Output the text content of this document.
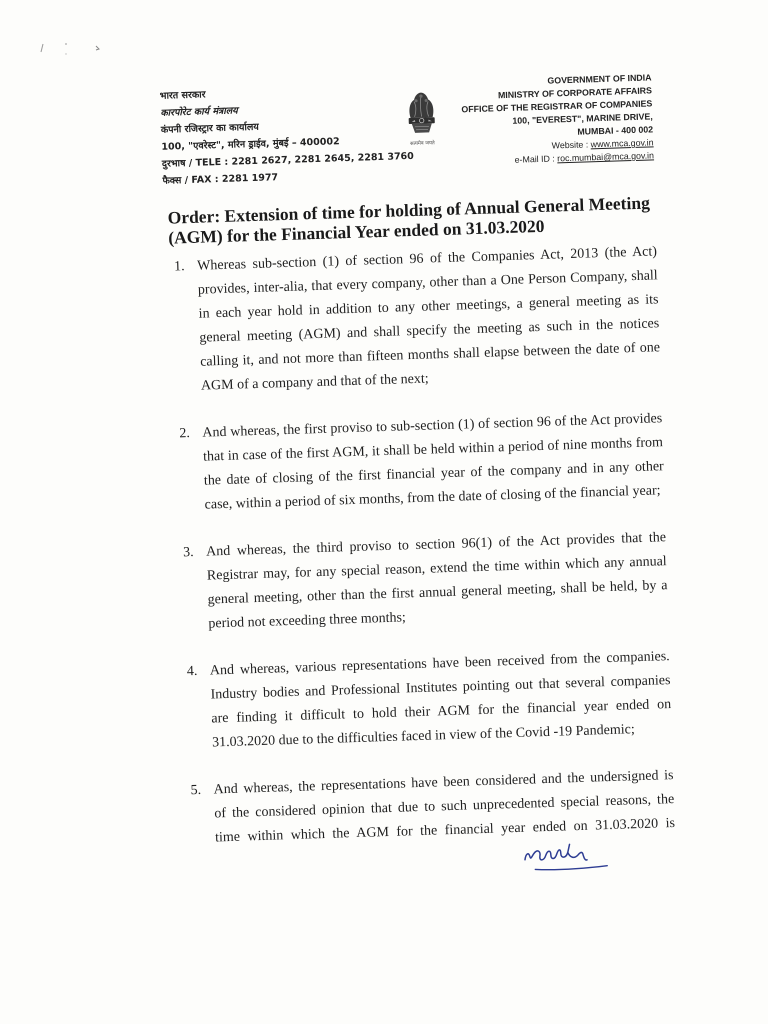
भारत सरकार
कारपोरेट कार्य मंत्रालय
कंपनी रजिस्ट्रार का कार्यालय
100, "एवरेस्ट", मरिन ड्राईव, मुंबई – 400002
दुरभाष / TELE : 2281 2627, 2281 2645, 2281 3760
फैक्स / FAX : 2281 1977
सत्यमेव जयते
GOVERNMENT OF INDIA
MINISTRY OF CORPORATE AFFAIRS
OFFICE OF THE REGISTRAR OF COMPANIES
100, "EVEREST", MARINE DRIVE,
MUMBAI - 400 002
Website : www.mca.gov.in
e-Mail ID : roc.mumbai@mca.gov.in
Order: Extension of time for holding of Annual General Meeting (AGM) for the Financial Year ended on 31.03.2020
1. Whereas sub-section (1) of section 96 of the Companies Act, 2013 (the Act)
provides, inter-alia, that every company, other than a One Person Company, shall
in each year hold in addition to any other meetings, a general meeting as its
general meeting (AGM) and shall specify the meeting as such in the notices
calling it, and not more than fifteen months shall elapse between the date of one
AGM of a company and that of the next;
2. And whereas, the first proviso to sub-section (1) of section 96 of the Act provides
that in case of the first AGM, it shall be held within a period of nine months from
the date of closing of the first financial year of the company and in any other
case, within a period of six months, from the date of closing of the financial year;
3. And whereas, the third proviso to section 96(1) of the Act provides that the
Registrar may, for any special reason, extend the time within which any annual
general meeting, other than the first annual general meeting, shall be held, by a
period not exceeding three months;
4. And whereas, various representations have been received from the companies.
Industry bodies and Professional Institutes pointing out that several companies
are finding it difficult to hold their AGM for the financial year ended on
31.03.2020 due to the difficulties faced in view of the Covid -19 Pandemic;
5. And whereas, the representations have been considered and the undersigned is
of the considered opinion that due to such unprecedented special reasons, the
time within which the AGM for the financial year ended on 31.03.2020 is
